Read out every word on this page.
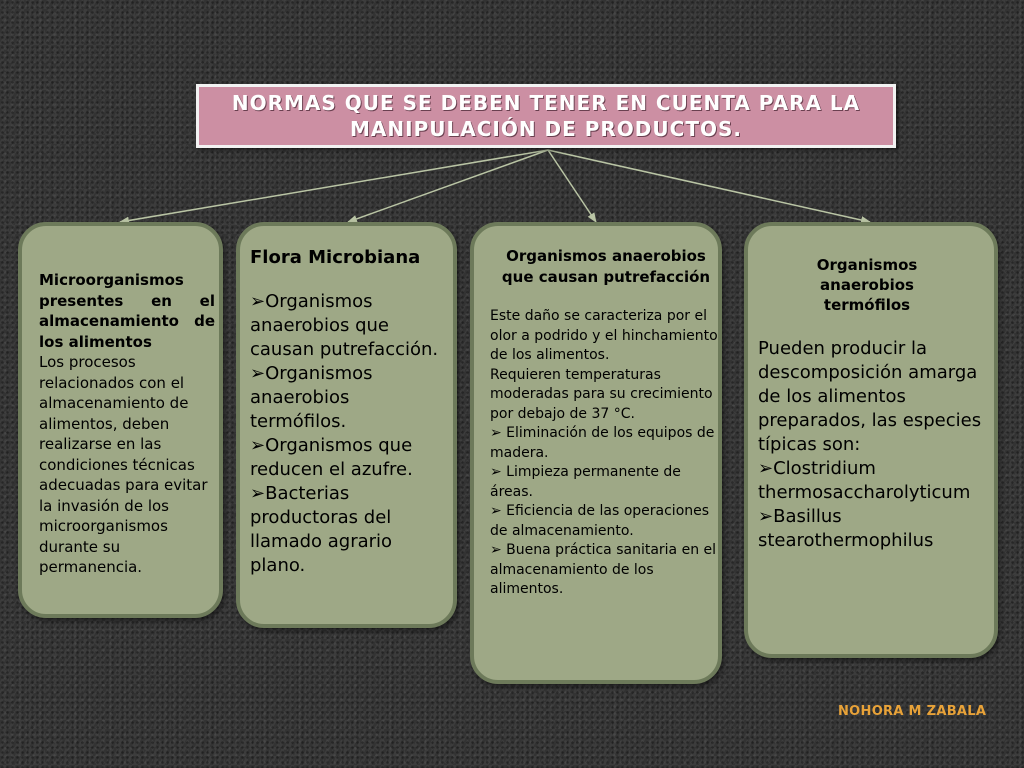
NORMAS QUE SE DEBEN TENER EN CUENTA PARA LA MANIPULACIÓN DE PRODUCTOS.
Microorganismos presentes en el almacenamiento de los alimentos

Los procesos relacionados con el almacenamiento de alimentos, deben realizarse en las condiciones técnicas adecuadas para evitar la invasión de los microorganismos durante su permanencia.

Flora Microbiana

➢Organismos anaerobios que causan putrefacción.

➢Organismos anaerobios termófilos.

➢Organismos que reducen el azufre.

➢Bacterias productoras del llamado agrario plano.

Organismos anaerobios que causan putrefacción

Este daño se caracteriza por el olor a podrido y el hinchamiento de los alimentos.

Requieren temperaturas moderadas para su crecimiento por debajo de 37 °C.

➢ Eliminación de los equipos de madera.

➢ Limpieza permanente de áreas.

➢ Eficiencia de las operaciones de almacenamiento.

➢ Buena práctica sanitaria en el almacenamiento de los alimentos.

Organismos anaerobios termófilos

Pueden producir la descomposición amarga de los alimentos preparados, las especies típicas son:

➢Clostridium thermosaccharolyticum

➢Basillus stearothermophilus

NOHORA M ZABALA
